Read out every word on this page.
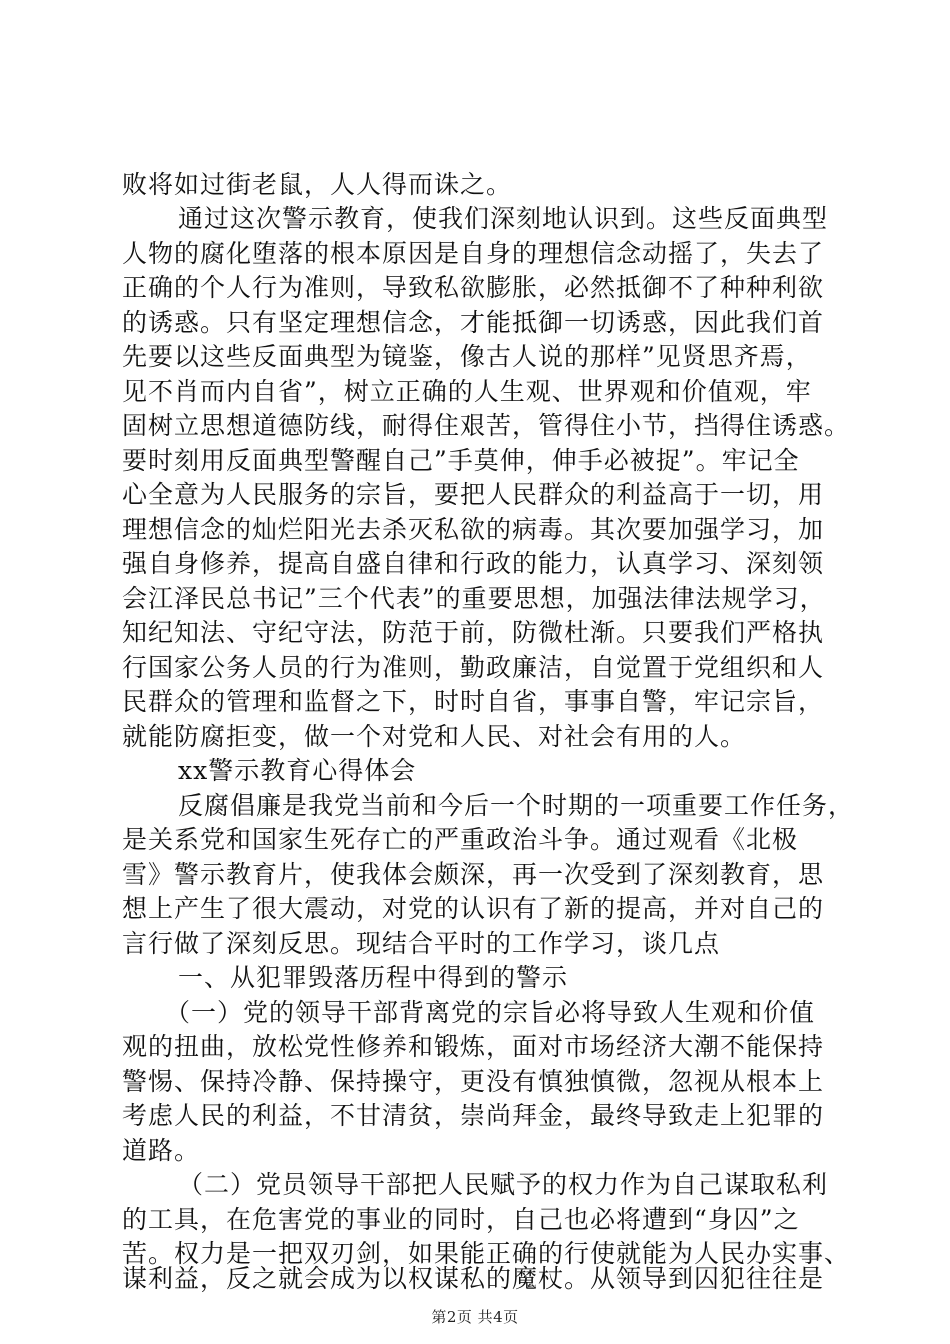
败将如过街老鼠，人人得而诛之。
通过这次警示教育，使我们深刻地认识到。这些反面典型
人物的腐化堕落的根本原因是自身的理想信念动摇了，失去了
正确的个人行为准则，导致私欲膨胀，必然抵御不了种种利欲
的诱惑。只有坚定理想信念，才能抵御一切诱惑，因此我们首
先要以这些反面典型为镜鉴，像古人说的那样”见贤思齐焉，
见不肖而内自省”，树立正确的人生观、世界观和价值观，牢
固树立思想道德防线，耐得住艰苦，管得住小节，挡得住诱惑。
要时刻用反面典型警醒自己”手莫伸，伸手必被捉”。牢记全
心全意为人民服务的宗旨，要把人民群众的利益高于一切，用
理想信念的灿烂阳光去杀灭私欲的病毒。其次要加强学习，加
强自身修养，提高自盛自律和行政的能力，认真学习、深刻领
会江泽民总书记”三个代表”的重要思想，加强法律法规学习，
知纪知法、守纪守法，防范于前，防微杜渐。只要我们严格执
行国家公务人员的行为准则，勤政廉洁，自觉置于党组织和人
民群众的管理和监督之下，时时自省，事事自警，牢记宗旨，
就能防腐拒变，做一个对党和人民、对社会有用的人。
xx警示教育心得体会
反腐倡廉是我党当前和今后一个时期的一项重要工作任务，
是关系党和国家生死存亡的严重政治斗争。通过观看《北极
雪》警示教育片，使我体会颇深，再一次受到了深刻教育，思
想上产生了很大震动，对党的认识有了新的提高，并对自己的
言行做了深刻反思。现结合平时的工作学习，谈几点
一、从犯罪毁落历程中得到的警示
（一）党的领导干部背离党的宗旨必将导致人生观和价值
观的扭曲，放松党性修养和锻炼，面对市场经济大潮不能保持
警惕、保持冷静、保持操守，更没有慎独慎微，忽视从根本上
考虑人民的利益，不甘清贫，崇尚拜金，最终导致走上犯罪的
道路。
（二）党员领导干部把人民赋予的权力作为自己谋取私利
的工具，在危害党的事业的同时，自己也必将遭到“身囚”之
苦。权力是一把双刃剑，如果能正确的行使就能为人民办实事、
谋利益，反之就会成为以权谋私的魔杖。从领导到囚犯往往是
第2页 共4页
